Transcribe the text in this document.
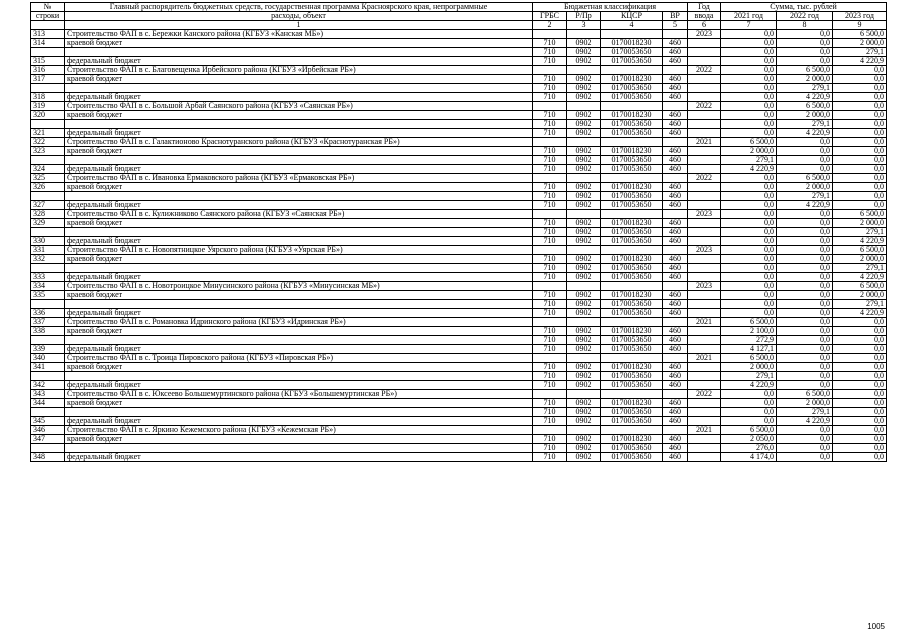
№	Главный распорядитель бюджетных средств, государственная программа Красноярского края, непрограммные	Бюджетная классификация				Год	Сумма, тыс. рублей		
строки	расходы, объект	ГРБС	Р/Пр	КЦСР	ВР	ввода	2021 год	2022 год	2023 год
	1	2	3	4	5	6	7	8	9
313	Строительство ФАП в с. Бережки Канского района (КГБУЗ «Канская МБ»)					2023	0,0	0,0	6 500,0
314	краевой бюджет	710	0902	0170018230	460		0,0	0,0	2 000,0
		710	0902	0170053650	460		0,0	0,0	279,1
315	федеральный бюджет	710	0902	0170053650	460		0,0	0,0	4 220,9
316	Строительство ФАП в с. Благовещенка Ирбейского района (КГБУЗ «Ирбейская РБ»)					2022	0,0	6 500,0	0,0
317	краевой бюджет	710	0902	0170018230	460		0,0	2 000,0	0,0
		710	0902	0170053650	460		0,0	279,1	0,0
318	федеральный бюджет	710	0902	0170053650	460		0,0	4 220,9	0,0
319	Строительство ФАП в с. Большой Арбай Саянского района (КГБУЗ «Саянская РБ»)					2022	0,0	6 500,0	0,0
320	краевой бюджет	710	0902	0170018230	460		0,0	2 000,0	0,0
		710	0902	0170053650	460		0,0	279,1	0,0
321	федеральный бюджет	710	0902	0170053650	460		0,0	4 220,9	0,0
322	Строительство ФАП в с. Галактионово Краснотуранского района (КГБУЗ «Краснотуранская РБ»)					2021	6 500,0	0,0	0,0
323	краевой бюджет	710	0902	0170018230	460		2 000,0	0,0	0,0
		710	0902	0170053650	460		279,1	0,0	0,0
324	федеральный бюджет	710	0902	0170053650	460		4 220,9	0,0	0,0
325	Строительство ФАП в с. Ивановка Ермаковского района (КГБУЗ «Ермаковская РБ»)					2022	0,0	6 500,0	0,0
326	краевой бюджет	710	0902	0170018230	460		0,0	2 000,0	0,0
		710	0902	0170053650	460		0,0	279,1	0,0
327	федеральный бюджет	710	0902	0170053650	460		0,0	4 220,9	0,0
328	Строительство ФАП в с. Кулижниково Саянского района (КГБУЗ «Саянская РБ»)					2023	0,0	0,0	6 500,0
329	краевой бюджет	710	0902	0170018230	460		0,0	0,0	2 000,0
		710	0902	0170053650	460		0,0	0,0	279,1
330	федеральный бюджет	710	0902	0170053650	460		0,0	0,0	4 220,9
331	Строительство ФАП в с. Новопятницкое Уярского района (КГБУЗ «Уярская РБ»)					2023	0,0	0,0	6 500,0
332	краевой бюджет	710	0902	0170018230	460		0,0	0,0	2 000,0
		710	0902	0170053650	460		0,0	0,0	279,1
333	федеральный бюджет	710	0902	0170053650	460		0,0	0,0	4 220,9
334	Строительство ФАП в с. Новотроицкое Минусинского района (КГБУЗ «Минусинская МБ»)					2023	0,0	0,0	6 500,0
335	краевой бюджет	710	0902	0170018230	460		0,0	0,0	2 000,0
		710	0902	0170053650	460		0,0	0,0	279,1
336	федеральный бюджет	710	0902	0170053650	460		0,0	0,0	4 220,9
337	Строительство ФАП в с. Романовка Идринского района (КГБУЗ «Идринская РБ»)					2021	6 500,0	0,0	0,0
338	краевой бюджет	710	0902	0170018230	460		2 100,0	0,0	0,0
		710	0902	0170053650	460		272,9	0,0	0,0
339	федеральный бюджет	710	0902	0170053650	460		4 127,1	0,0	0,0
340	Строительство ФАП в с. Троица Пировского района (КГБУЗ «Пировская РБ»)					2021	6 500,0	0,0	0,0
341	краевой бюджет	710	0902	0170018230	460		2 000,0	0,0	0,0
		710	0902	0170053650	460		279,1	0,0	0,0
342	федеральный бюджет	710	0902	0170053650	460		4 220,9	0,0	0,0
343	Строительство ФАП в с. Юксеево Большемуртинского района (КГБУЗ «Большемуртинская РБ»)					2022	0,0	6 500,0	0,0
344	краевой бюджет	710	0902	0170018230	460		0,0	2 000,0	0,0
		710	0902	0170053650	460		0,0	279,1	0,0
345	федеральный бюджет	710	0902	0170053650	460		0,0	4 220,9	0,0
346	Строительство ФАП в с. Яркино Кежемского района (КГБУЗ «Кежемская РБ»)					2021	6 500,0	0,0	0,0
347	краевой бюджет	710	0902	0170018230	460		2 050,0	0,0	0,0
		710	0902	0170053650	460		276,0	0,0	0,0
348	федеральный бюджет	710	0902	0170053650	460		4 174,0	0,0	0,0
1005
